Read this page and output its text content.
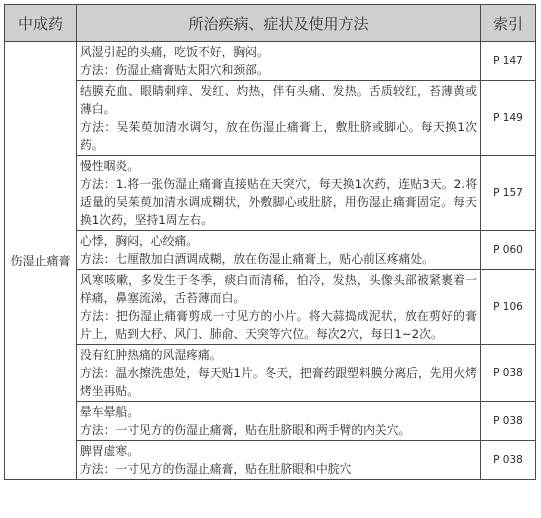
中成药	所治疾病、症状及使用方法	索引
伤湿止痛膏	风湿引起的头痛，吃饭不好，胸闷。
方法：伤湿止痛膏贴太阳穴和颈部。	P 147

	结膜充血、眼睛刺痒、发红、灼热，伴有头痛、发热。舌质较红，苔薄黄或薄白。
方法：吴茱萸加清水调匀，放在伤湿止痛膏上，敷肚脐或脚心。每天换1次药。	P 149

	慢性咽炎。
方法：1.将一张伤湿止痛膏直接贴在天突穴，每天换1次药，连贴3天。2.将适量的吴茱萸加清水调成糊状，外敷脚心或肚脐，用伤湿止痛膏固定。每天换1次药，坚持1周左右。	P 157

	心悸，胸闷，心绞痛。
方法：七厘散加白酒调成糊，放在伤湿止痛膏上，贴心前区疼痛处。	P 060

	风寒咳嗽，多发生于冬季，痰白而清稀，怕冷，发热，头像头部被紧裹着一样痛，鼻塞流涕，舌苔薄而白。
方法：把伤湿止痛膏剪成一寸见方的小片。将大蒜捣成泥状，放在剪好的膏片上，贴到大杼、风门、肺俞、天突等穴位。每次2穴，每日1~2次。	P 106

	没有红肿热痛的风湿疼痛。
方法：温水擦洗患处，每天贴1片。冬天，把膏药跟塑料膜分离后，先用火烤烤坐再贴。	P 038

	晕车晕船。
方法：一寸见方的伤湿止痛膏，贴在肚脐眼和两手臂的内关穴。	P 038

	脾胃虚寒。
方法：一寸见方的伤湿止痛膏，贴在肚脐眼和中脘穴	P 038
